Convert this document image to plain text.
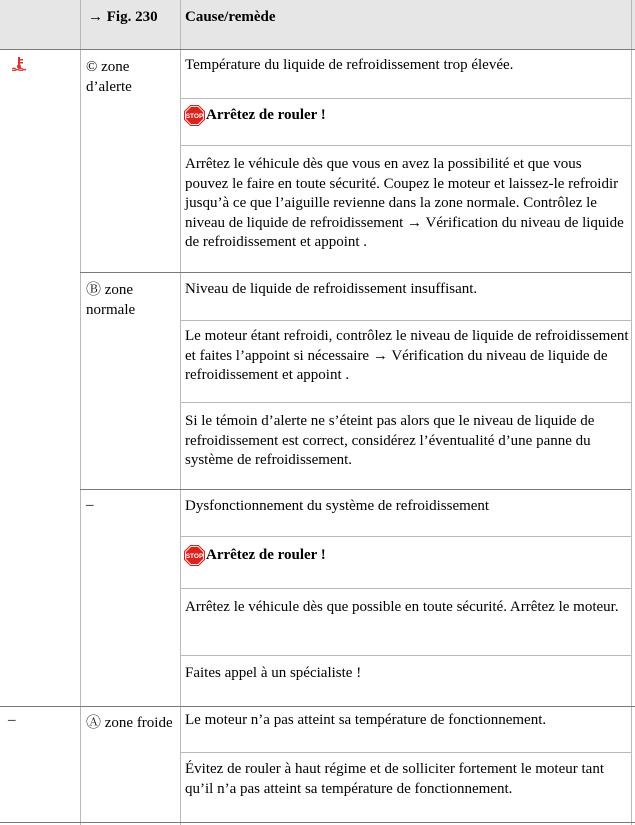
→ Fig. 230 Cause/remède
© zone d’alerte
Température du liquide de refroidissement trop élevée.
STOP Arrêtez de rouler !
Arrêtez le véhicule dès que vous en avez la possibilité et que vous pouvez le faire en toute sécurité. Coupez le moteur et laissez-le refroidir jusqu’à ce que l’aiguille revienne dans la zone normale. Contrôlez le niveau de liquide de refroidissement → Vérification du niveau de liquide de refroidissement et appoint .
Ⓑ zone normale
Niveau de liquide de refroidissement insuffisant.
Le moteur étant refroidi, contrôlez le niveau de liquide de refroidissement et faites l’appoint si nécessaire → Vérification du niveau de liquide de refroidissement et appoint .
Si le témoin d’alerte ne s’éteint pas alors que le niveau de liquide de refroidissement est correct, considérez l’éventualité d’une panne du système de refroidissement.
–	Dysfonctionnement du système de refroidissement
STOP Arrêtez de rouler !
Arrêtez le véhicule dès que possible en toute sécurité. Arrêtez le moteur.
Faites appel à un spécialiste !
–	Ⓐ zone froide Le moteur n’a pas atteint sa température de fonctionnement.
Évitez de rouler à haut régime et de solliciter fortement le moteur tant qu’il n’a pas atteint sa température de fonctionnement.
